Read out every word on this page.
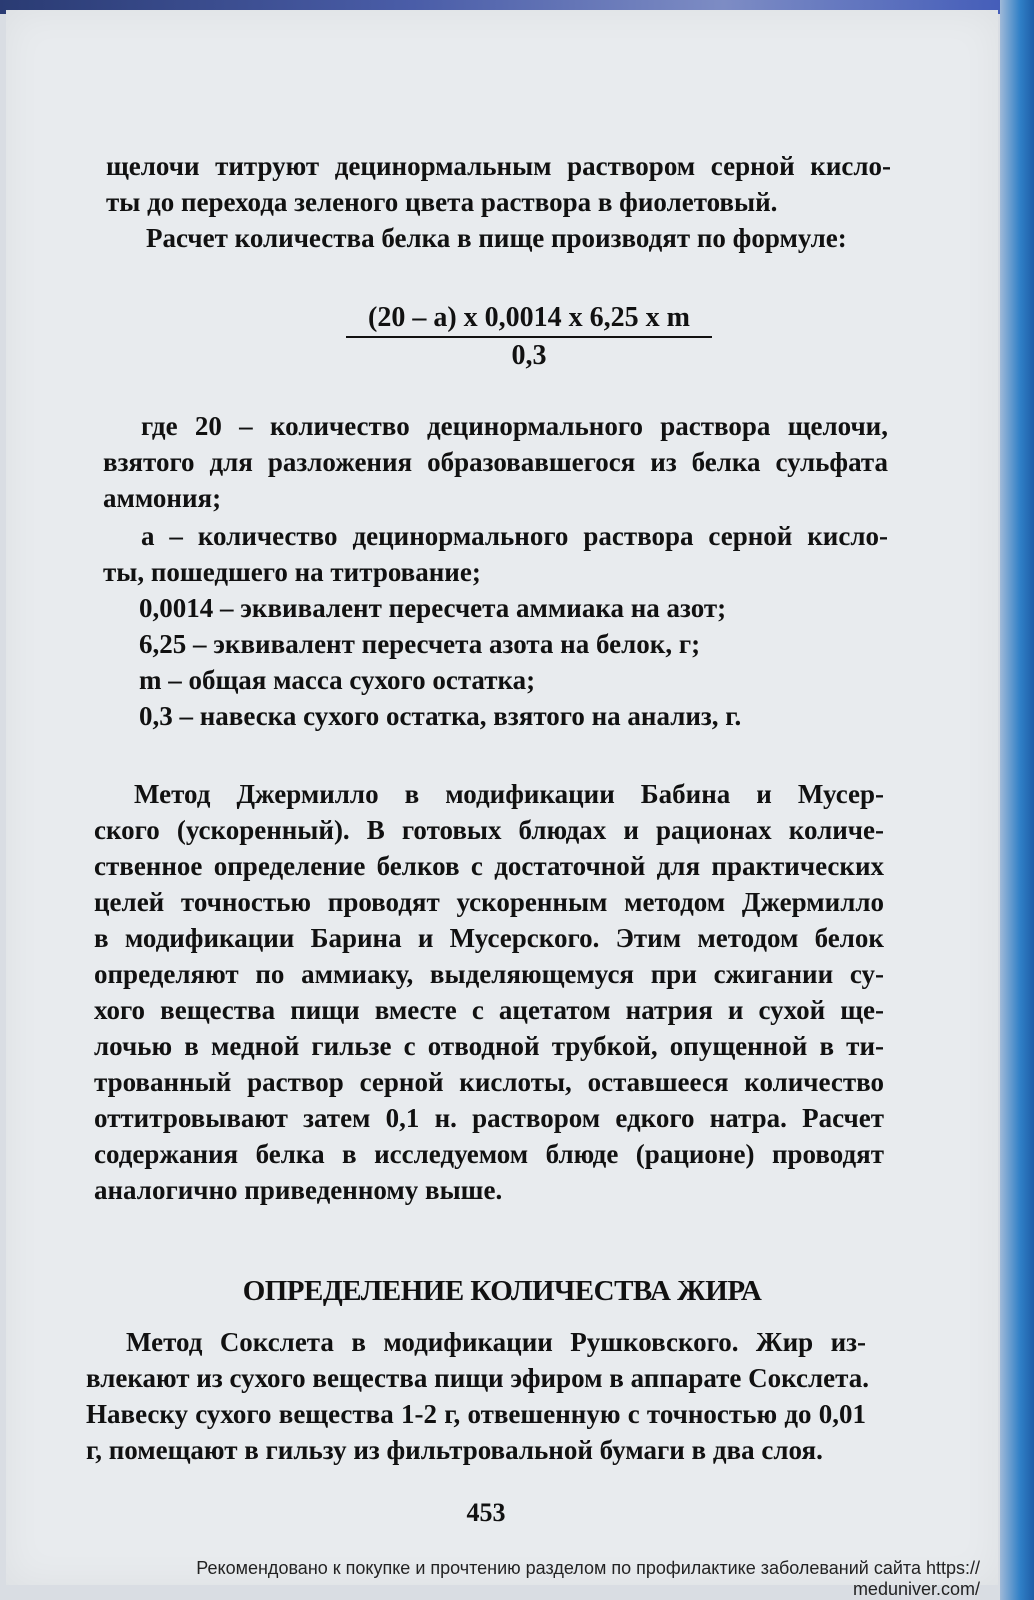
щелочи титруют децинормальным раствором серной кисло-
ты до перехода зеленого цвета раствора в фиолетовый.
Расчет количества белка в пище производят по формуле:
(20 – а) х 0,0014 х 6,25 х m
0,3
где 20 – количество децинормального раствора щелочи,
взятого для разложения образовавшегося из белка сульфата
аммония;
а – количество децинормального раствора серной кисло-
ты, пошедшего на титрование;
0,0014 – эквивалент пересчета аммиака на азот;
6,25 – эквивалент пересчета азота на белок, г;
m – общая масса сухого остатка;
0,3 – навеска сухого остатка, взятого на анализ, г.
Метод Джермилло в модификации Бабина и Мусер-
ского (ускоренный). В готовых блюдах и рационах количе-
ственное определение белков с достаточной для практических
целей точностью проводят ускоренным методом Джермилло
в модификации Барина и Мусерского. Этим методом белок
определяют по аммиаку, выделяющемуся при сжигании су-
хого вещества пищи вместе с ацетатом натрия и сухой ще-
лочью в медной гильзе с отводной трубкой, опущенной в ти-
трованный раствор серной кислоты, оставшееся количество
оттитровывают затем 0,1 н. раствором едкого натра. Расчет
содержания белка в исследуемом блюде (рационе) проводят
аналогично приведенному выше.
ОПРЕДЕЛЕНИЕ КОЛИЧЕСТВА ЖИРА
Метод Сокслета в модификации Рушковского. Жир из-
влекают из сухого вещества пищи эфиром в аппарате Сокслета.
Навеску сухого вещества 1-2 г, отвешенную с точностью до 0,01
г, помещают в гильзу из фильтровальной бумаги в два слоя.
453
Рекомендовано к покупке и прочтению разделом по профилактике заболеваний сайта https://
meduniver.com/
